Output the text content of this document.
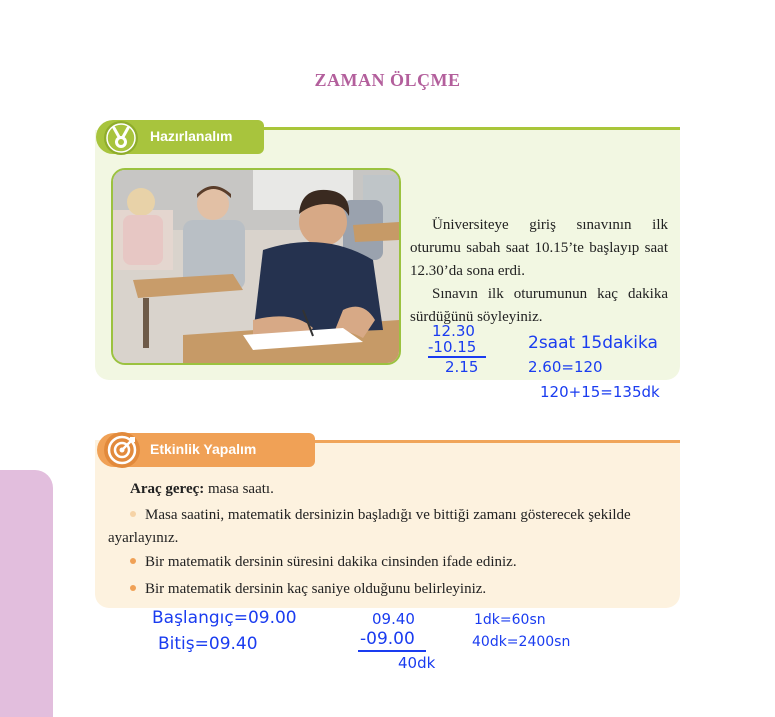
ZAMAN ÖLÇME
Hazırlanalım
Üniversiteye giriş sınavının ilk oturumu sabah saat 10.15’te başlayıp saat 12.30’da sona erdi.
Sınavın ilk oturumunun kaç dakika sürdüğünü söyleyiniz.
12.30
-10.15
2.15
2saat 15dakika
2.60=120
120+15=135dk
Etkinlik Yapalım
Araç gereç: masa saatı.
Masa saatini, matematik dersinizin başladığı ve bittiği zamanı gösterecek şekilde ayarlayınız.
Bir matematik dersinin süresini dakika cinsinden ifade ediniz.
Bir matematik dersinin kaç saniye olduğunu belirleyiniz.
Başlangıç=09.00
Bitiş=09.40
09.40
-09.00
40dk
1dk=60sn
40dk=2400sn
